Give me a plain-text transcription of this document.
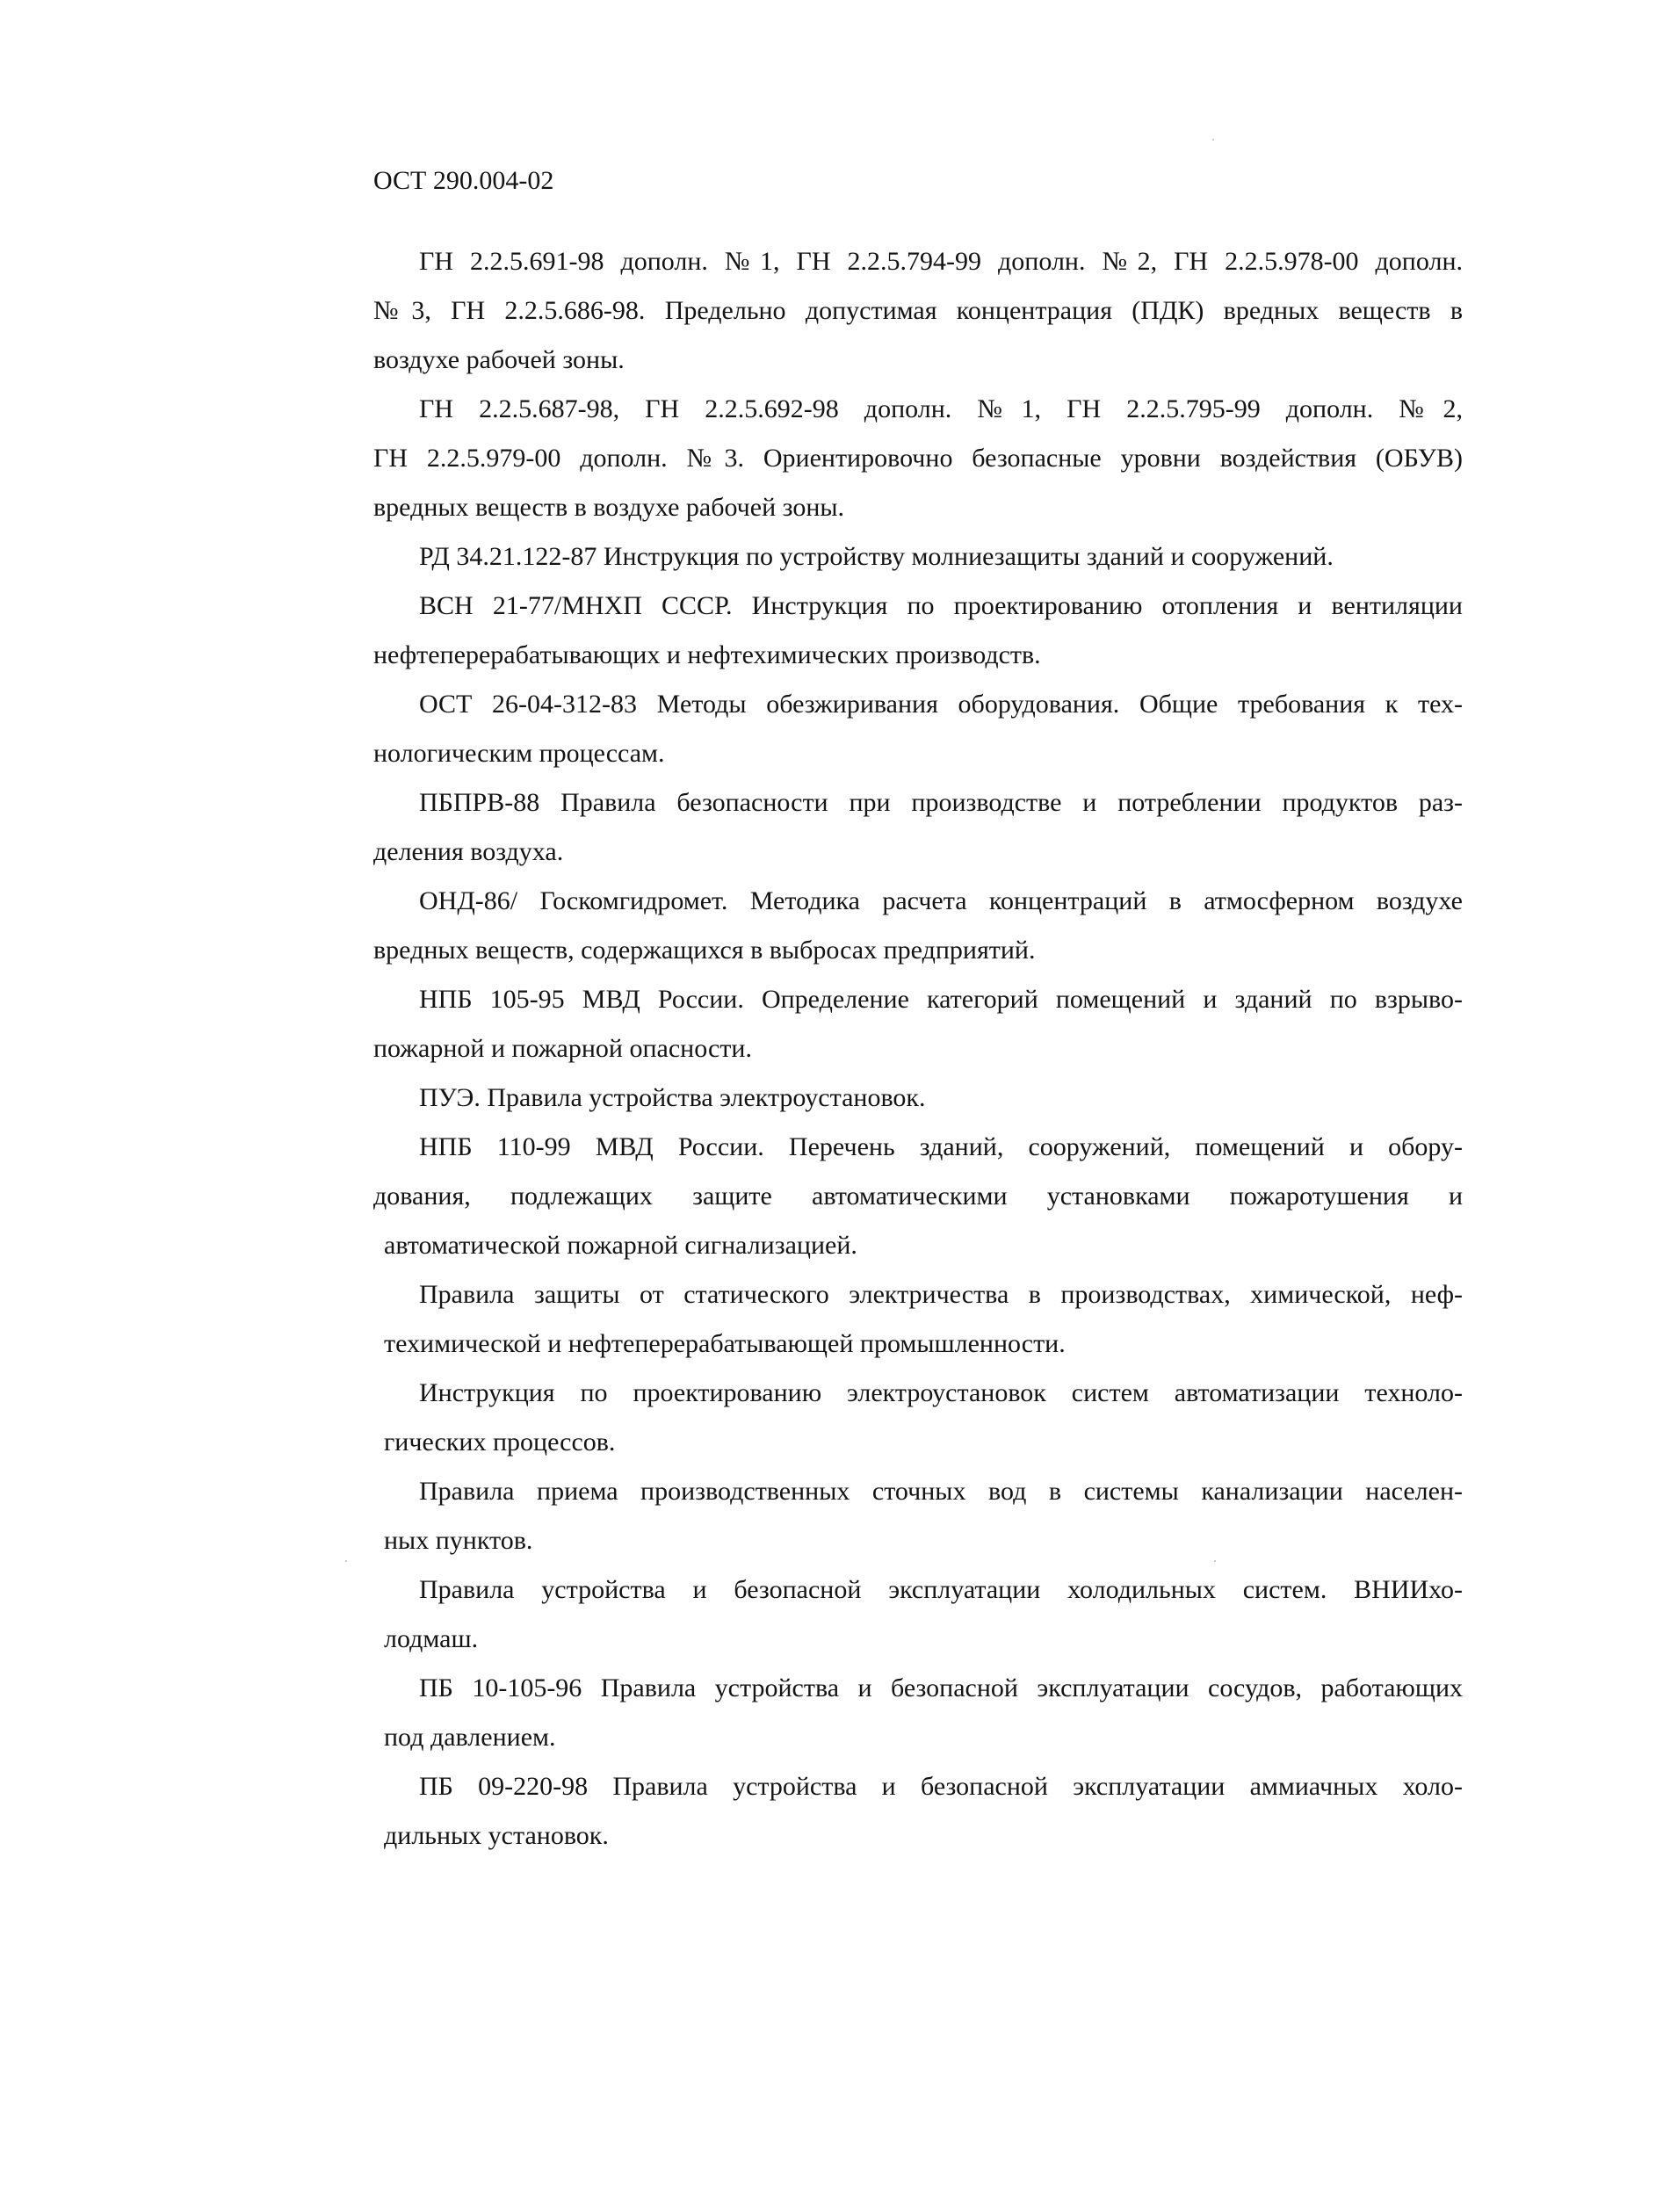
ОСТ 290.004-02
ГН 2.2.5.691-98 дополн. №1, ГН 2.2.5.794-99 дополн. №2, ГН 2.2.5.978-00 дополн.
№3, ГН 2.2.5.686-98. Предельно допустимая концентрация (ПДК) вредных веществ в
воздухе рабочей зоны.
ГН 2.2.5.687-98, ГН 2.2.5.692-98 дополн. №1, ГН 2.2.5.795-99 дополн. №2,
ГН 2.2.5.979-00 дополн. №3. Ориентировочно безопасные уровни воздействия (ОБУВ)
вредных веществ в воздухе рабочей зоны.
РД 34.21.122-87 Инструкция по устройству молниезащиты зданий и сооружений.
ВСН 21-77/МНХП СССР. Инструкция по проектированию отопления и вентиляции
нефтеперерабатывающих и нефтехимических производств.
ОСТ 26-04-312-83 Методы обезжиривания оборудования. Общие требования к тех-
нологическим процессам.
ПБПРВ-88 Правила безопасности при производстве и потреблении продуктов раз-
деления воздуха.
ОНД-86/ Госкомгидромет. Методика расчета концентраций в атмосферном воздухе
вредных веществ, содержащихся в выбросах предприятий.
НПБ 105-95 МВД России. Определение категорий помещений и зданий по взрыво-
пожарной и пожарной опасности.
ПУЭ. Правила устройства электроустановок.
НПБ 110-99 МВД России. Перечень зданий, сооружений, помещений и обору-
дования, подлежащих защите автоматическими установками пожаротушения и
автоматической пожарной сигнализацией.
Правила защиты от статического электричества в производствах, химической, неф-
техимической и нефтеперерабатывающей промышленности.
Инструкция по проектированию электроустановок систем автоматизации техноло-
гических процессов.
Правила приема производственных сточных вод в системы канализации населен-
ных пунктов.
Правила устройства и безопасной эксплуатации холодильных систем. ВНИИхо-
лодмаш.
ПБ 10-105-96 Правила устройства и безопасной эксплуатации сосудов, работающих
под давлением.
ПБ 09-220-98 Правила устройства и безопасной эксплуатации аммиачных холо-
дильных установок.
